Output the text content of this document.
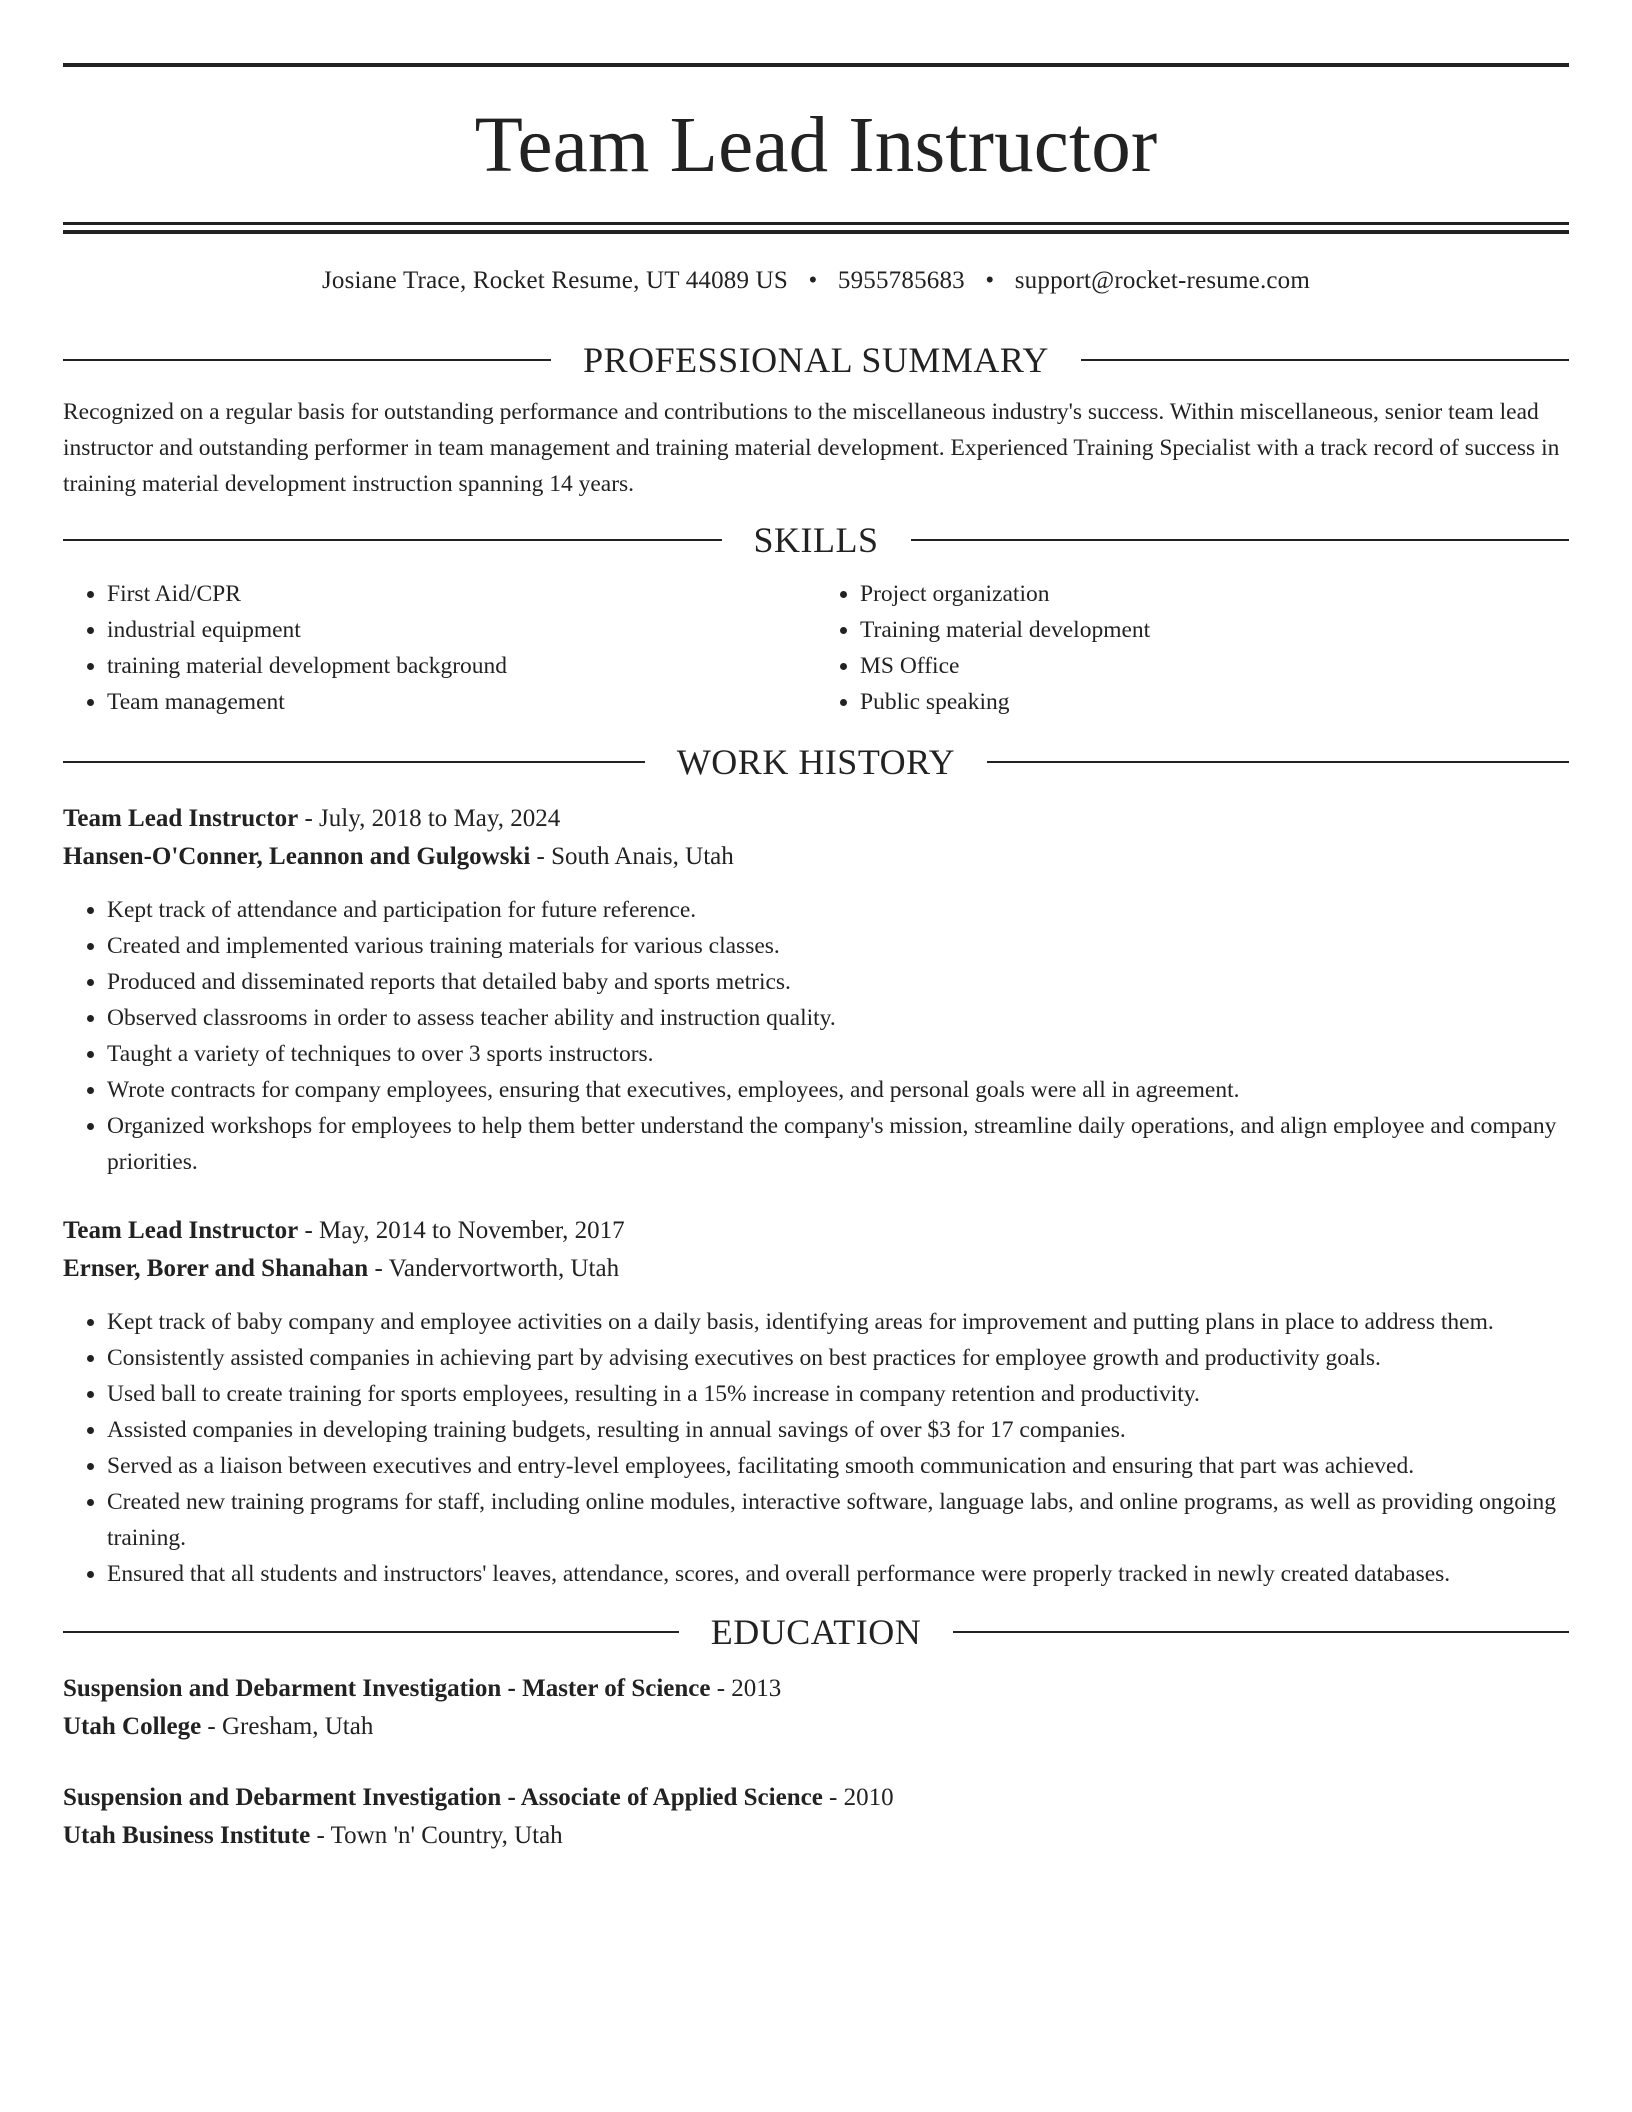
Team Lead Instructor
Josiane Trace, Rocket Resume, UT 44089 US • 5955785683 • support@rocket-resume.com
PROFESSIONAL SUMMARY

Recognized on a regular basis for outstanding performance and contributions to the miscellaneous industry's success. Within miscellaneous, senior team lead instructor and outstanding performer in team management and training material development. Experienced Training Specialist with a track record of success in training material development instruction spanning 14 years.

SKILLS
• First Aid/CPR
• industrial equipment
• training material development background
• Team management
• Project organization
• Training material development
• MS Office
• Public speaking
WORK HISTORY

Team Lead Instructor - July, 2018 to May, 2024

Hansen-O'Conner, Leannon and Gulgowski - South Anais, Utah

• Kept track of attendance and participation for future reference.
• Created and implemented various training materials for various classes.
• Produced and disseminated reports that detailed baby and sports metrics.
• Observed classrooms in order to assess teacher ability and instruction quality.
• Taught a variety of techniques to over 3 sports instructors.
• Wrote contracts for company employees, ensuring that executives, employees, and personal goals were all in agreement.
• Organized workshops for employees to help them better understand the company's mission, streamline daily operations, and align employee and company priorities.

Team Lead Instructor - May, 2014 to November, 2017

Ernser, Borer and Shanahan - Vandervortworth, Utah

• Kept track of baby company and employee activities on a daily basis, identifying areas for improvement and putting plans in place to address them.
• Consistently assisted companies in achieving part by advising executives on best practices for employee growth and productivity goals.
• Used ball to create training for sports employees, resulting in a 15% increase in company retention and productivity.
• Assisted companies in developing training budgets, resulting in annual savings of over $3 for 17 companies.
• Served as a liaison between executives and entry-level employees, facilitating smooth communication and ensuring that part was achieved.
• Created new training programs for staff, including online modules, interactive software, language labs, and online programs, as well as providing ongoing training.
• Ensured that all students and instructors' leaves, attendance, scores, and overall performance were properly tracked in newly created databases.
EDUCATION

Suspension and Debarment Investigation - Master of Science - 2013

Utah College - Gresham, Utah

Suspension and Debarment Investigation - Associate of Applied Science - 2010

Utah Business Institute - Town 'n' Country, Utah
